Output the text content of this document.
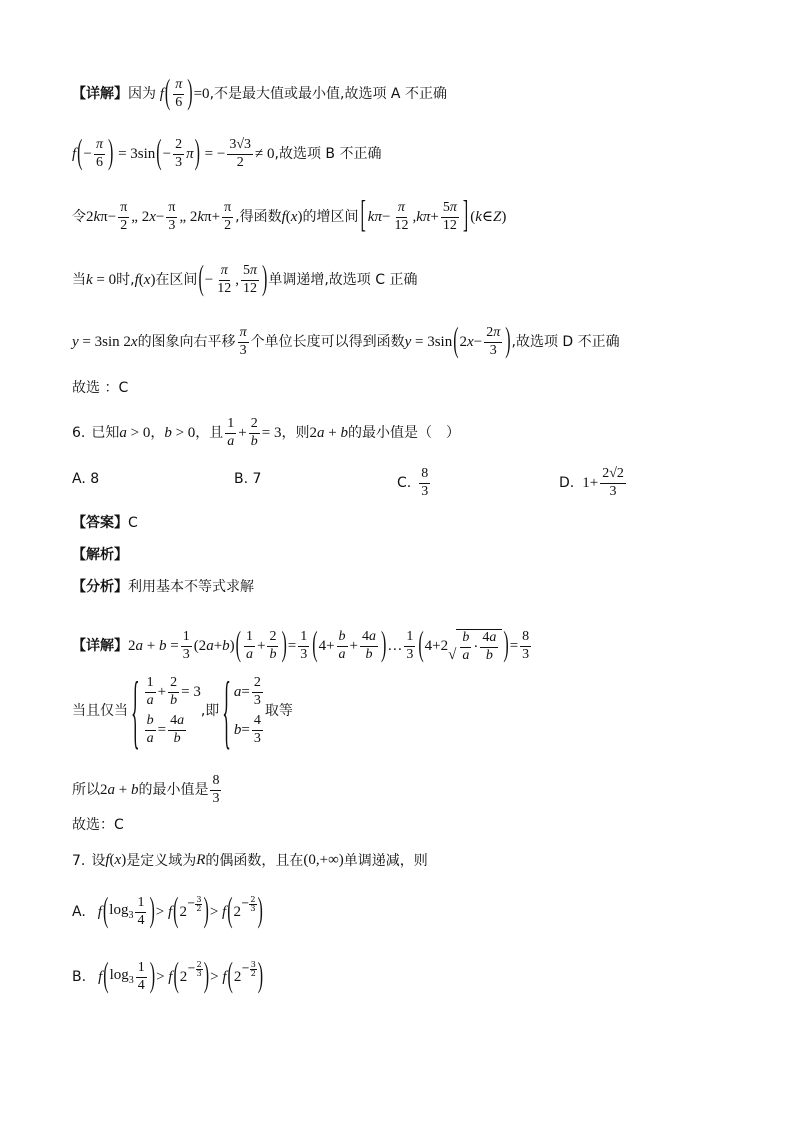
【详解】 因为 f ( $\frac{\pi}{6}$ ) =0 ,不是最大值或最小值,故选项 A 不正确
f ( − $\frac{\pi}{6}$ ) = 3sin ( − $\frac{2}{3}$ π ) = − $\frac{3√3}{2} \ne 0$ ,故选项 B 不正确
令 $2k\pi- \frac{\pi}{2}$ „ $2x- \frac{\pi}{3}$ „ $2k\pi+ \frac{\pi}{2}$ ,得函数 f(x) 的增区间 [ $k\pi - \frac{\pi}{12} ,k\pi+ \frac{5\pi}{12}$ ] (k∈Z)
当 k = 0 时, f(x) 在区间 ( − $\frac{\pi}{12}$ , $\frac{5\pi}{12}$ ) 单调递增,故选项 C 正确
y = 3sin 2x 的图象向右平移 $\frac{\pi}{3}$ 个单位长度可以得到函数 y = 3sin ( $2x- \frac{2\pi}{3}$ ) ,故选项 D 不正确
故选 ：C
6. 已知 a > 0 ， b > 0 ，且 $\frac{1}{a} + \frac{2}{b} = 3$ ，则 2a + b 的最小值是（　）
A. 8	B. 7	C. $\frac{8}{3}$	D. $1+ \frac{2√2}{3}$
【答案】 C
【解析】
【分析】 利用基本不等式求解
【详解】 $2a + b = \frac{1}{3} (2a+b)$ ( $\frac{1}{a} + \frac{2}{b}$ ) = $\frac{1}{3}$ ( $4+ \frac{b}{a} + \frac{4a}{b}$ ) … $\frac{1}{3}$ ( 4+2
√ $\frac{b}{a} \cdot \frac{4a}{b}$ ) = $\frac{8}{3}$
当且仅当 { $\frac{1}{a} + \frac{2}{b} = 3$
$\frac{b}{a} = \frac{4a}{b}$
,即 { $a = \frac{2}{3}$
$b = \frac{4}{3}$
取等
所以 2a + b 的最小值是 $\frac{8}{3}$
故选：C
7. 设 f(x) 是定义域为 R 的偶函数，且在 (0,+∞) 单调递减，则
A. f ( $\log_3 \frac{1}{4}$ ) > f ( 2 − 3
2 ) > f ( 2 − 2
3 )
B. f ( $\log_3 \frac{1}{4}$ ) > f ( 2 − 2
3 ) > f ( 2 − 3
2 )
